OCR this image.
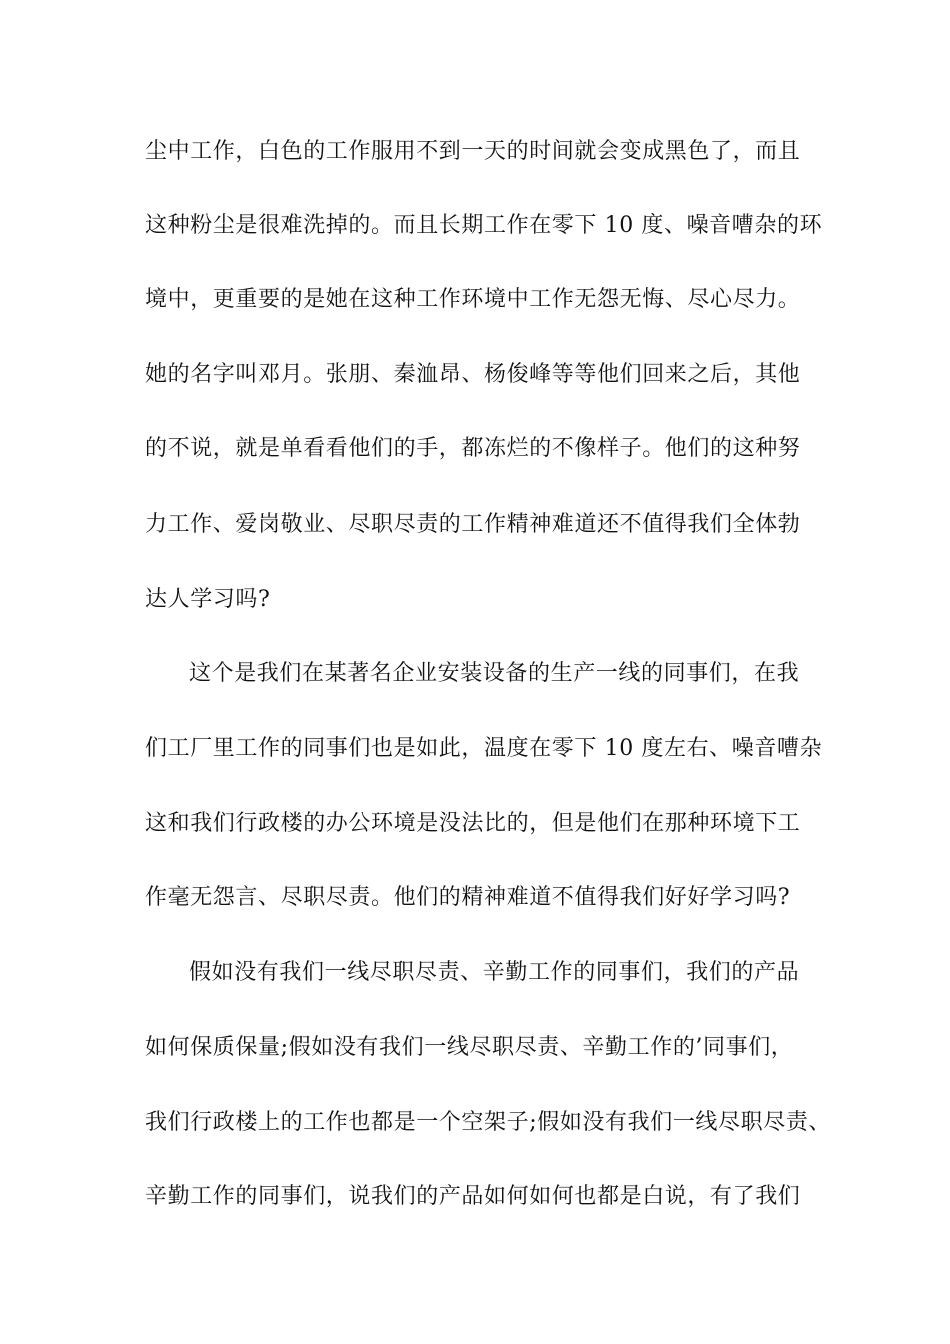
尘中工作，白色的工作服用不到一天的时间就会变成黑色了，而且
这种粉尘是很难洗掉的。而且长期工作在零下 10 度、噪音嘈杂的环
境中，更重要的是她在这种工作环境中工作无怨无悔、尽心尽力。
她的名字叫邓月。张朋、秦洫昂、杨俊峰等等他们回来之后，其他
的不说，就是单看看他们的手，都冻烂的不像样子。他们的这种努
力工作、爱岗敬业、尽职尽责的工作精神难道还不值得我们全体勃
达人学习吗?
这个是我们在某著名企业安装设备的生产一线的同事们，在我
们工厂里工作的同事们也是如此，温度在零下 10 度左右、噪音嘈杂
这和我们行政楼的办公环境是没法比的，但是他们在那种环境下工
作毫无怨言、尽职尽责。他们的精神难道不值得我们好好学习吗?
假如没有我们一线尽职尽责、辛勤工作的同事们，我们的产品
如何保质保量;假如没有我们一线尽职尽责、辛勤工作的’同事们，
我们行政楼上的工作也都是一个空架子;假如没有我们一线尽职尽责、
辛勤工作的同事们，说我们的产品如何如何也都是白说，有了我们
